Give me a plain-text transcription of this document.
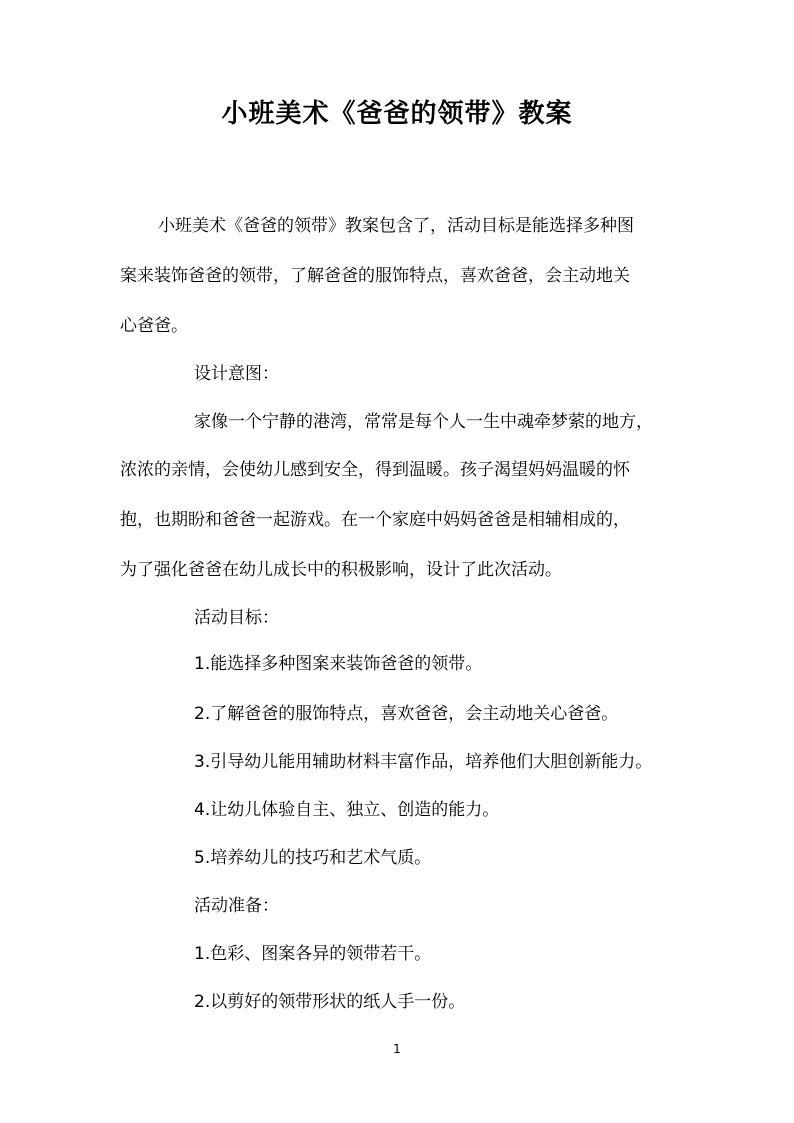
小班美术《爸爸的领带》教案
小班美术《爸爸的领带》教案包含了，活动目标是能选择多种图
案来装饰爸爸的领带，了解爸爸的服饰特点，喜欢爸爸，会主动地关
心爸爸。
设计意图：
家像一个宁静的港湾，常常是每个人一生中魂牵梦萦的地方，
浓浓的亲情，会使幼儿感到安全，得到温暖。孩子渴望妈妈温暖的怀
抱，也期盼和爸爸一起游戏。在一个家庭中妈妈爸爸是相辅相成的，
为了强化爸爸在幼儿成长中的积极影响，设计了此次活动。
活动目标：
1.能选择多种图案来装饰爸爸的领带。
2.了解爸爸的服饰特点，喜欢爸爸，会主动地关心爸爸。
3.引导幼儿能用辅助材料丰富作品，培养他们大胆创新能力。
4.让幼儿体验自主、独立、创造的能力。
5.培养幼儿的技巧和艺术气质。
活动准备：
1.色彩、图案各异的领带若干。
2.以剪好的领带形状的纸人手一份。
1
